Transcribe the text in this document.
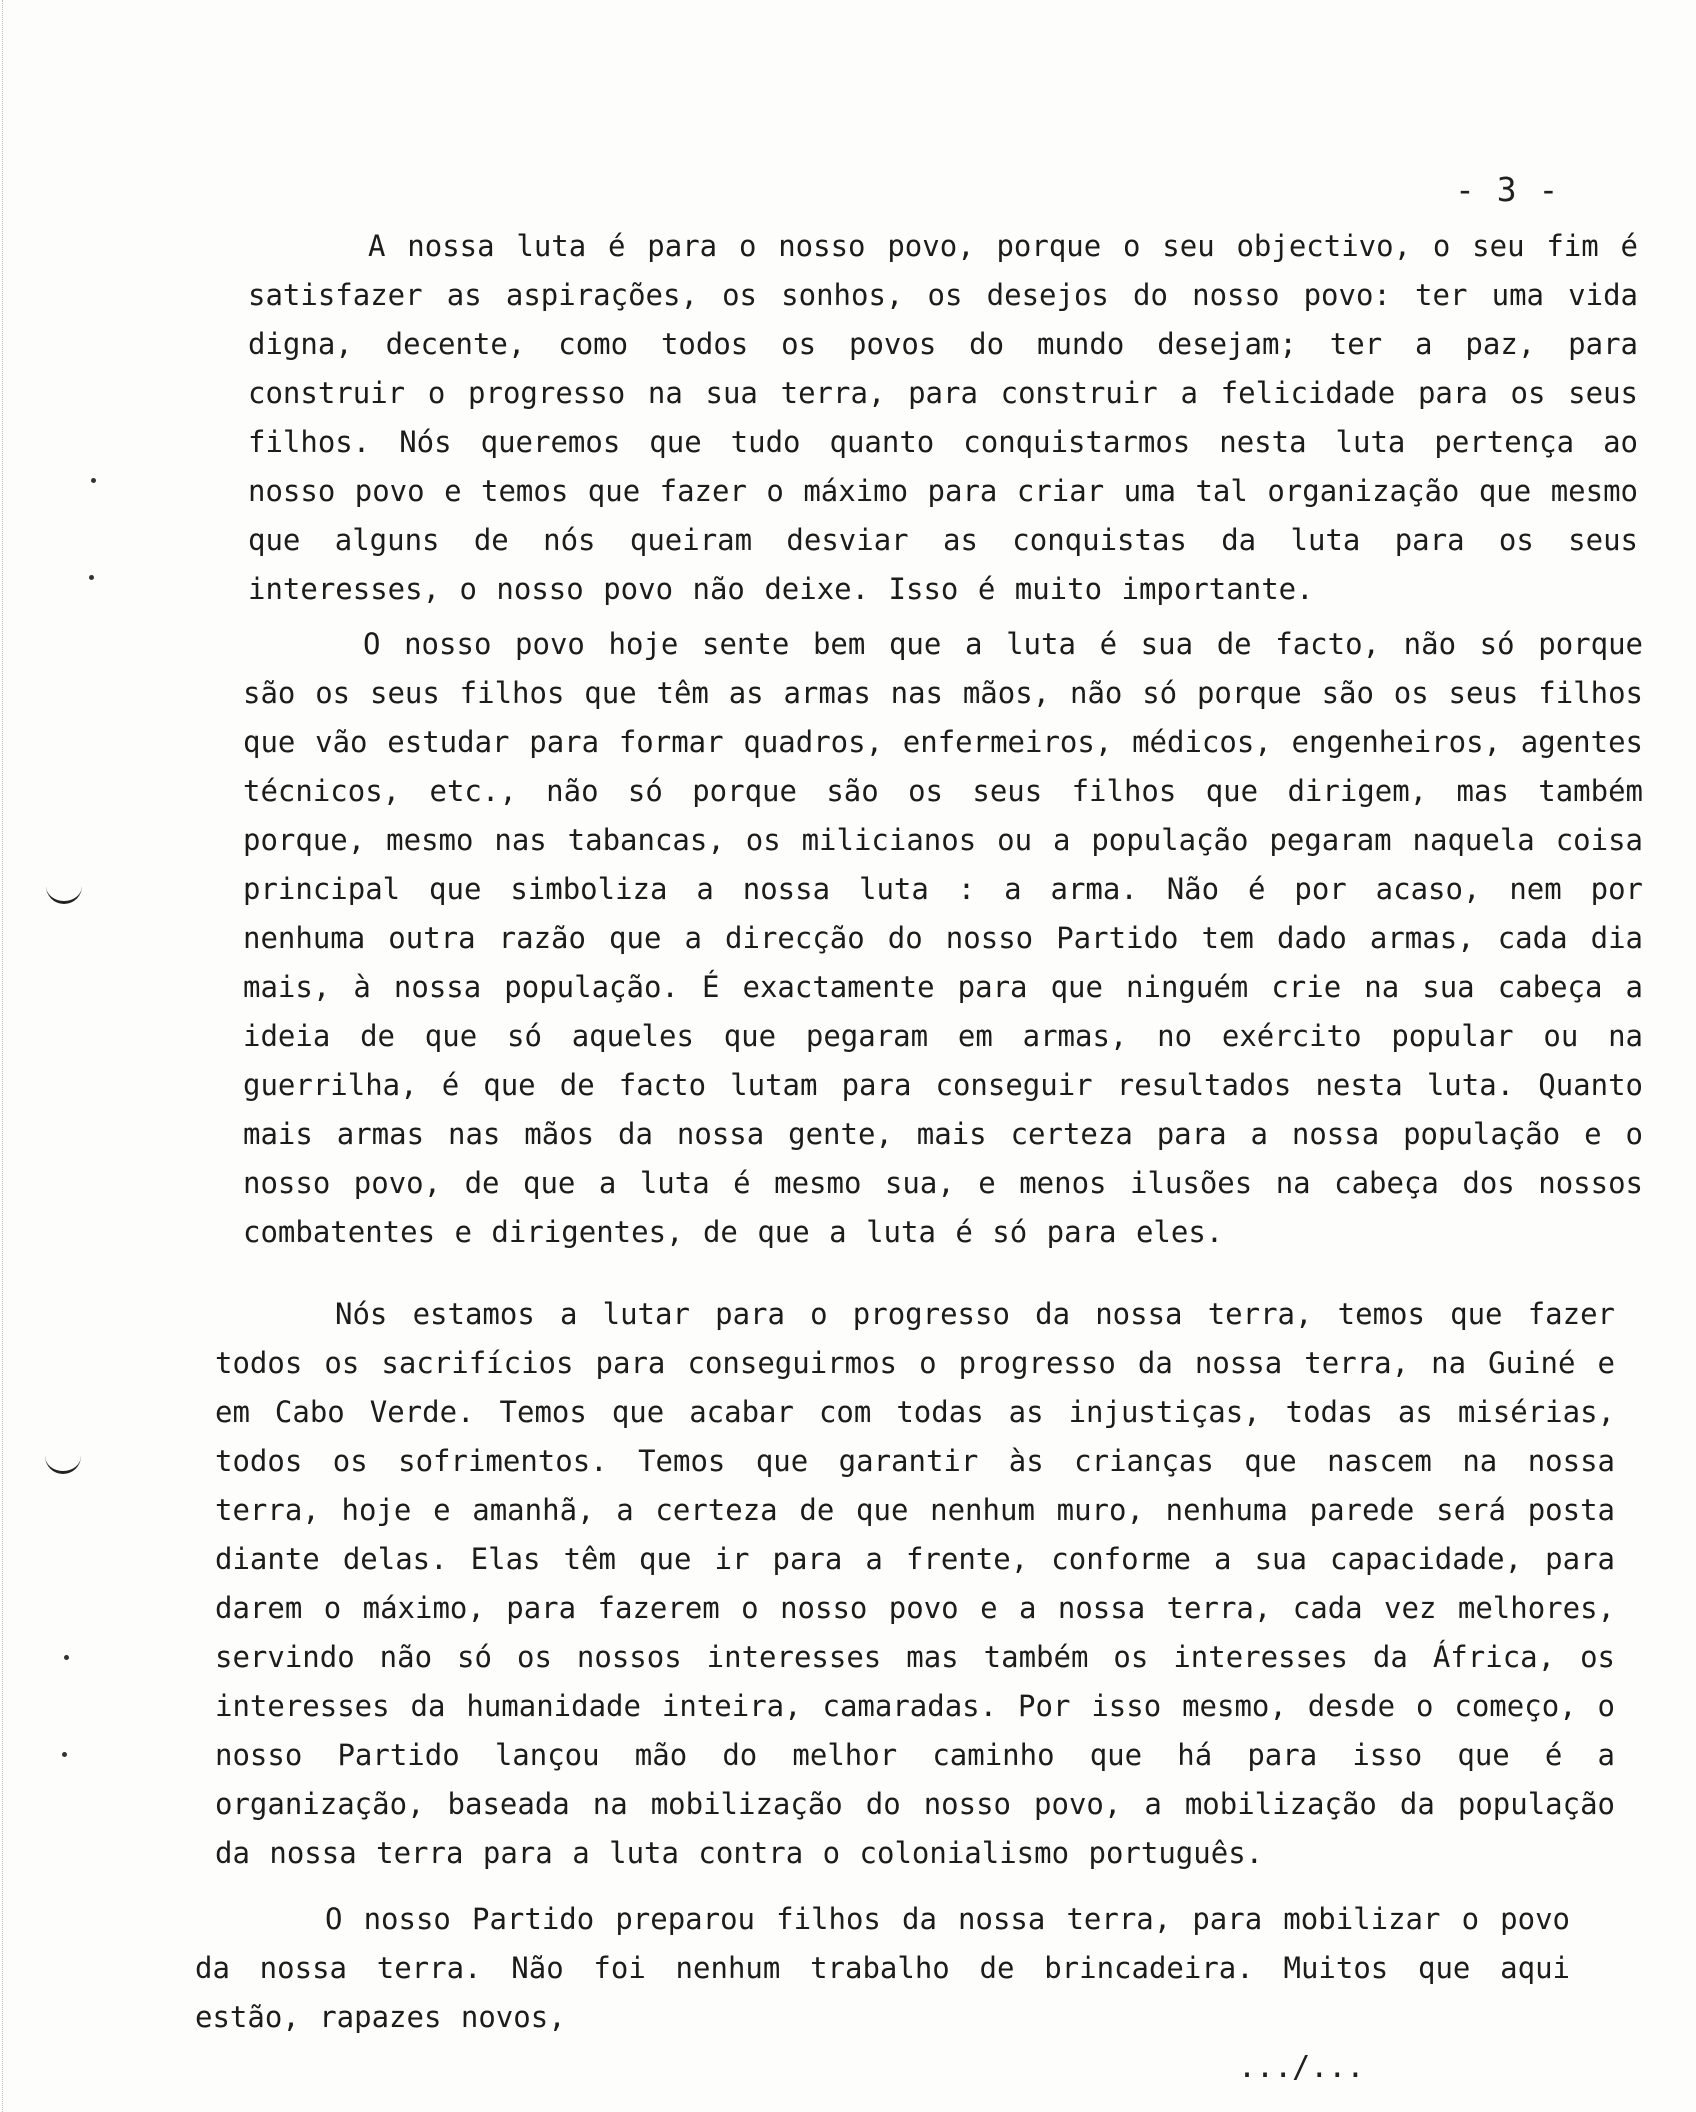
- 3 -

A nossa luta é para o nosso povo, porque o seu objectivo, o seu fim é satisfazer as aspirações, os sonhos, os desejos do nosso povo: ter uma vida digna, decente, como todos os povos do mundo desejam; ter a paz, para construir o progresso na sua terra, para construir a felicidade para os seus filhos. Nós queremos que tudo quanto conquistarmos nesta luta pertença ao nosso povo e temos que fazer o máximo para criar uma tal organização que mesmo que alguns de nós queiram desviar as conquistas da luta para os seus interesses, o nosso povo não deixe. Isso é muito importante.

O nosso povo hoje sente bem que a luta é sua de facto, não só porque são os seus filhos que têm as armas nas mãos, não só porque são os seus filhos que vão estudar para formar quadros, enfermeiros, médicos, engenheiros, agentes técnicos, etc., não só porque são os seus filhos que dirigem, mas também porque, mesmo nas tabancas, os milicianos ou a população pegaram naquela coisa principal que simboliza a nossa luta : a arma. Não é por acaso, nem por nenhuma outra razão que a direcção do nosso Partido tem dado armas, cada dia mais, à nossa população. É exactamente para que ninguém crie na sua cabeça a ideia de que só aqueles que pegaram em armas, no exército popular ou na guerrilha, é que de facto lutam para conseguir resultados nesta luta. Quanto mais armas nas mãos da nossa gente, mais certeza para a nossa população e o nosso povo, de que a luta é mesmo sua, e menos ilusões na cabeça dos nossos combatentes e dirigentes, de que a luta é só para eles.

Nós estamos a lutar para o progresso da nossa terra, temos que fazer todos os sacrifícios para conseguirmos o progresso da nossa terra, na Guiné e em Cabo Verde. Temos que acabar com todas as injustiças, todas as misérias, todos os sofrimentos. Temos que garantir às crianças que nascem na nossa terra, hoje e amanhã, a certeza de que nenhum muro, nenhuma parede será posta diante delas. Elas têm que ir para a frente, conforme a sua capacidade, para darem o máximo, para fazerem o nosso povo e a nossa terra, cada vez melhores, servindo não só os nossos interesses mas também os interesses da África, os interesses da humanidade inteira, camaradas. Por isso mesmo, desde o começo, o nosso Partido lançou mão do melhor caminho que há para isso que é a organização, baseada na mobilização do nosso povo, a mobilização da população da nossa terra para a luta contra o colonialismo português.

O nosso Partido preparou filhos da nossa terra, para mobilizar o povo da nossa terra. Não foi nenhum trabalho de brincadeira. Muitos que aqui estão, rapazes novos,

.../...
